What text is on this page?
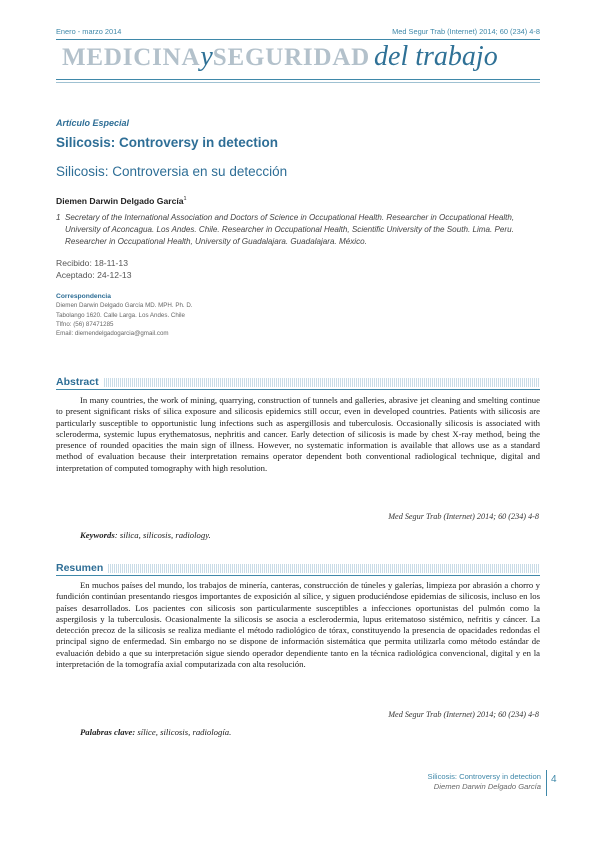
Enero - marzo 2014	Med Segur Trab (Internet) 2014; 60 (234) 4-8
MEDICINAySEGURIDAD del trabajo
Artículo Especial
Silicosis: Controversy in detection
Silicosis: Controversia en su detección
Diemen Darwin Delgado García$^1$
1 Secretary of the International Association and Doctors of Science in Occupational Health. Researcher in Occupational Health, University of Aconcagua. Los Andes. Chile. Researcher in Occupational Health, Scientific University of the South. Lima. Peru. Researcher in Occupational Health, University of Guadalajara. Guadalajara. México.
Recibido: 18-11-13
Aceptado: 24-12-13
Correspondencia
Diemen Darwin Delgado García MD. MPH. Ph. D.
Tabolango 1620. Calle Larga. Los Andes. Chile
Tlfno: (56) 87471285
Email: diemendelgadogarcia@gmail.com
Abstract
In many countries, the work of mining, quarrying, construction of tunnels and galleries, abrasive jet cleaning and smelting continue to present significant risks of silica exposure and silicosis epidemics still occur, even in developed countries. Patients with silicosis are particularly susceptible to opportunistic lung infections such as aspergillosis and tuberculosis. Occasionally silicosis is associated with scleroderma, systemic lupus erythematosus, nephritis and cancer. Early detection of silicosis is made by chest X-ray method, being the presence of rounded opacities the main sign of illness. However, no systematic information is available that allows use as a standard method of evaluation because their interpretation remains operator dependent both conventional radiological technique, digital and interpretation of computed tomography with high resolution.
Med Segur Trab (Internet) 2014; 60 (234) 4-8
Keywords: silica, silicosis, radiology.
Resumen
En muchos países del mundo, los trabajos de minería, canteras, construcción de túneles y galerías, limpieza por abrasión a chorro y fundición continúan presentando riesgos importantes de exposición al sílice, y siguen produciéndose epidemias de silicosis, incluso en los países desarrollados. Los pacientes con silicosis son particularmente susceptibles a infecciones oportunistas del pulmón como la aspergilosis y la tuberculosis. Ocasionalmente la silicosis se asocia a esclerodermia, lupus eritematoso sistémico, nefritis y cáncer. La detección precoz de la silicosis se realiza mediante el método radiológico de tórax, constituyendo la presencia de opacidades redondas el principal signo de enfermedad. Sin embargo no se dispone de información sistemática que permita utilizarla como método estándar de evaluación debido a que su interpretación sigue siendo operador dependiente tanto en la técnica radiológica convencional, digital y en la interpretación de la tomografía axial computarizada con alta resolución.
Med Segur Trab (Internet) 2014; 60 (234) 4-8
Palabras clave: sílice, silicosis, radiología.
Silicosis: Controversy in detection
Diemen Darwin Delgado García
4
